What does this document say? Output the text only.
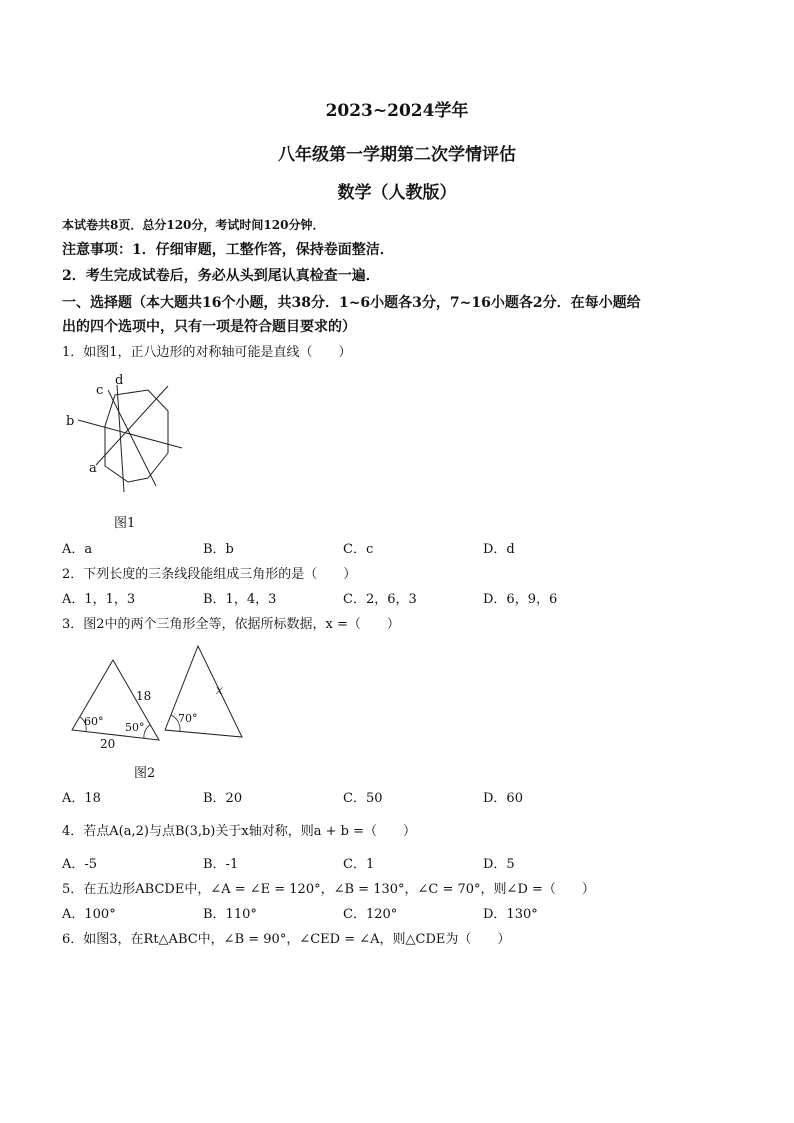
2023~2024学年
八年级第一学期第二次学情评估
数学（人教版）
本试卷共8页．总分120分，考试时间120分钟．
注意事项：1．仔细审题，工整作答，保持卷面整洁．
2．考生完成试卷后，务必从头到尾认真检查一遍．
一、选择题（本大题共16个小题，共38分．1~6小题各3分，7~16小题各2分．在每小题给
出的四个选项中，只有一项是符合题目要求的）
1．如图1，正八边形的对称轴可能是直线（　　）
c
d
b
a
图1
A．a	B．b	C．c	D．d
2．下列长度的三条线段能组成三角形的是（　　）
A．1，1，3	B．1，4，3	C．2，6，3	D．6，9，6
3．图2中的两个三角形全等，依据所标数据，x =（　　）
60° 50°
18
20
70°
x
图2
A．18	B．20	C．50	D．60
4．若点A(a,2)与点B(3,b)关于x轴对称，则a + b =（　　）
A．-5	B．-1	C．1	D．5
5．在五边形ABCDE中，∠A = ∠E = 120°，∠B = 130°，∠C = 70°，则∠D =（　　）
A．100°	B．110°	C．120°	D．130°
6．如图3，在Rt△ABC中，∠B = 90°，∠CED = ∠A，则△CDE为（　　）
